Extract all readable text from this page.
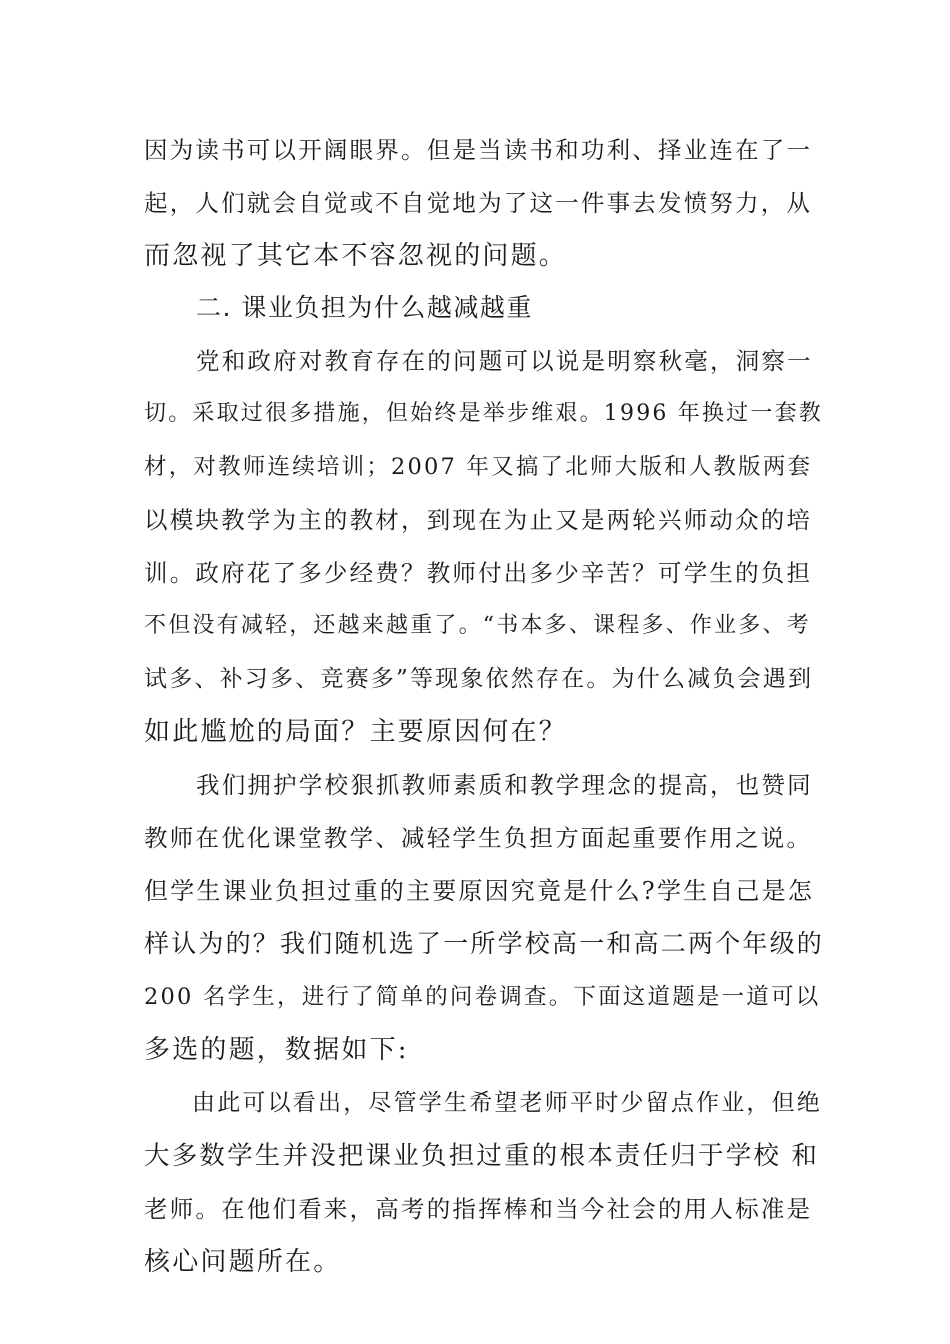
因为读书可以开阔眼界。但是当读书和功利、择业连在了一
起，人们就会自觉或不自觉地为了这一件事去发愤努力，从
而忽视了其它本不容忽视的问题。
二. 课业负担为什么越减越重
党和政府对教育存在的问题可以说是明察秋毫，洞察一
切。采取过很多措施，但始终是举步维艰。1996 年换过一套教
材，对教师连续培训；2007 年又搞了北师大版和人教版两套
以模块教学为主的教材，到现在为止又是两轮兴师动众的培
训。政府花了多少经费？教师付出多少辛苦？可学生的负担
不但没有减轻，还越来越重了。“书本多、课程多、作业多、考
试多、补习多、竞赛多”等现象依然存在。为什么减负会遇到
如此尴尬的局面？主要原因何在？
我们拥护学校狠抓教师素质和教学理念的提高，也赞同
教师在优化课堂教学、减轻学生负担方面起重要作用之说。
但学生课业负担过重的主要原因究竟是什么?学生自己是怎
样认为的？我们随机选了一所学校高一和高二两个年级的
200 名学生，进行了简单的问卷调查。下面这道题是一道可以
多选的题，数据如下:
由此可以看出，尽管学生希望老师平时少留点作业，但绝
大多数学生并没把课业负担过重的根本责任归于学校 和
老师。在他们看来，高考的指挥棒和当今社会的用人标准是
核心问题所在。
